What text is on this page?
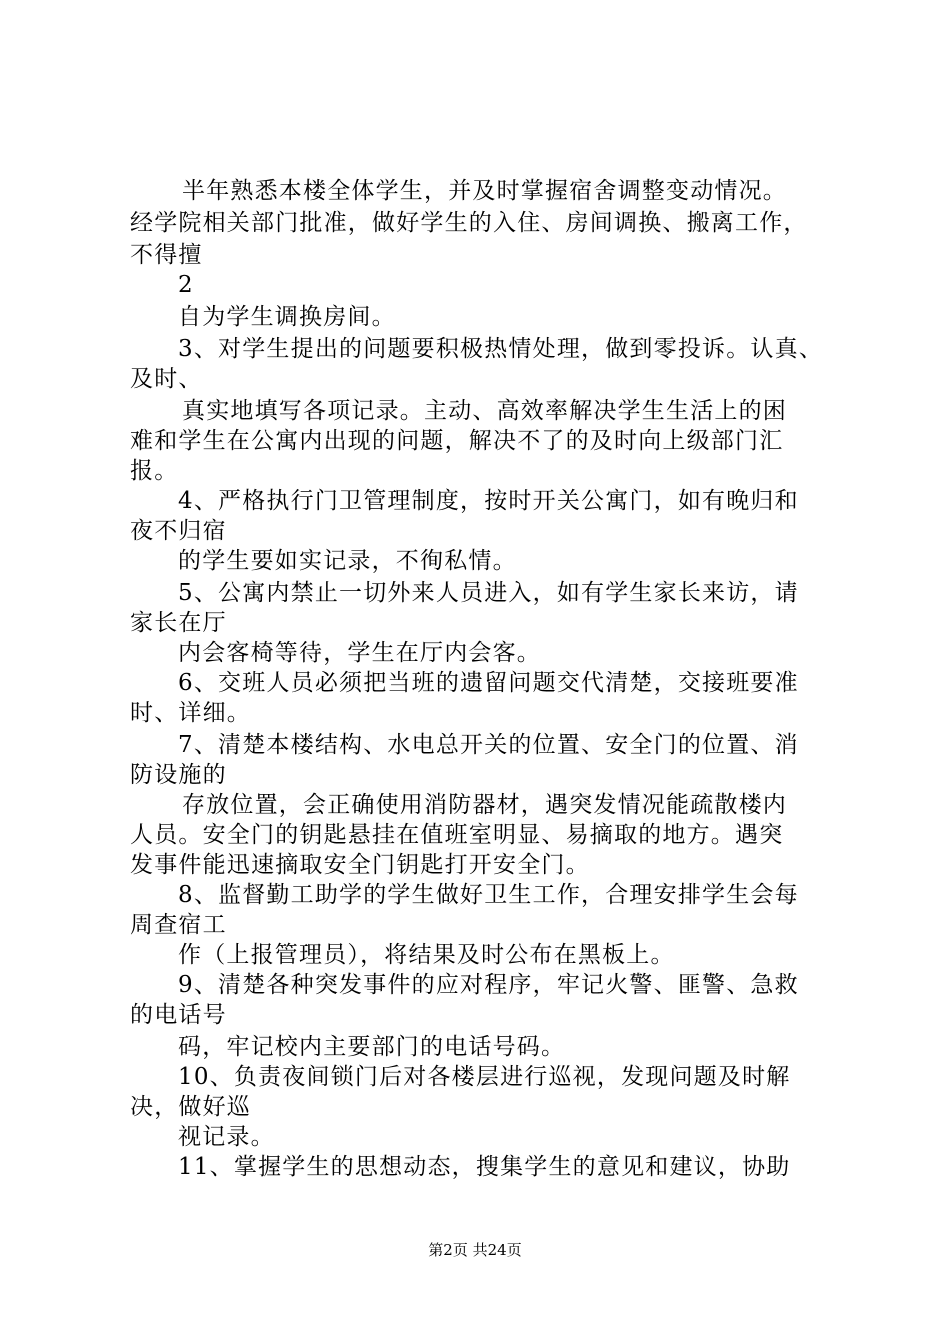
半年熟悉本楼全体学生，并及时掌握宿舍调整变动情况。
经学院相关部门批准，做好学生的入住、房间调换、搬离工作，
不得擅
2
自为学生调换房间。
3、对学生提出的问题要积极热情处理，做到零投诉。认真、
及时、
真实地填写各项记录。主动、高效率解决学生生活上的困
难和学生在公寓内出现的问题，解决不了的及时向上级部门汇
报。
4、严格执行门卫管理制度，按时开关公寓门，如有晚归和
夜不归宿
的学生要如实记录，不徇私情。
5、公寓内禁止一切外来人员进入，如有学生家长来访，请
家长在厅
内会客椅等待，学生在厅内会客。
6、交班人员必须把当班的遗留问题交代清楚，交接班要准
时、详细。
7、清楚本楼结构、水电总开关的位置、安全门的位置、消
防设施的
存放位置，会正确使用消防器材，遇突发情况能疏散楼内
人员。安全门的钥匙悬挂在值班室明显、易摘取的地方。遇突
发事件能迅速摘取安全门钥匙打开安全门。
8、监督勤工助学的学生做好卫生工作，合理安排学生会每
周查宿工
作（上报管理员），将结果及时公布在黑板上。
9、清楚各种突发事件的应对程序，牢记火警、匪警、急救
的电话号
码，牢记校内主要部门的电话号码。
10、负责夜间锁门后对各楼层进行巡视，发现问题及时解
决，做好巡
视记录。
11、掌握学生的思想动态，搜集学生的意见和建议，协助
第2页 共24页
